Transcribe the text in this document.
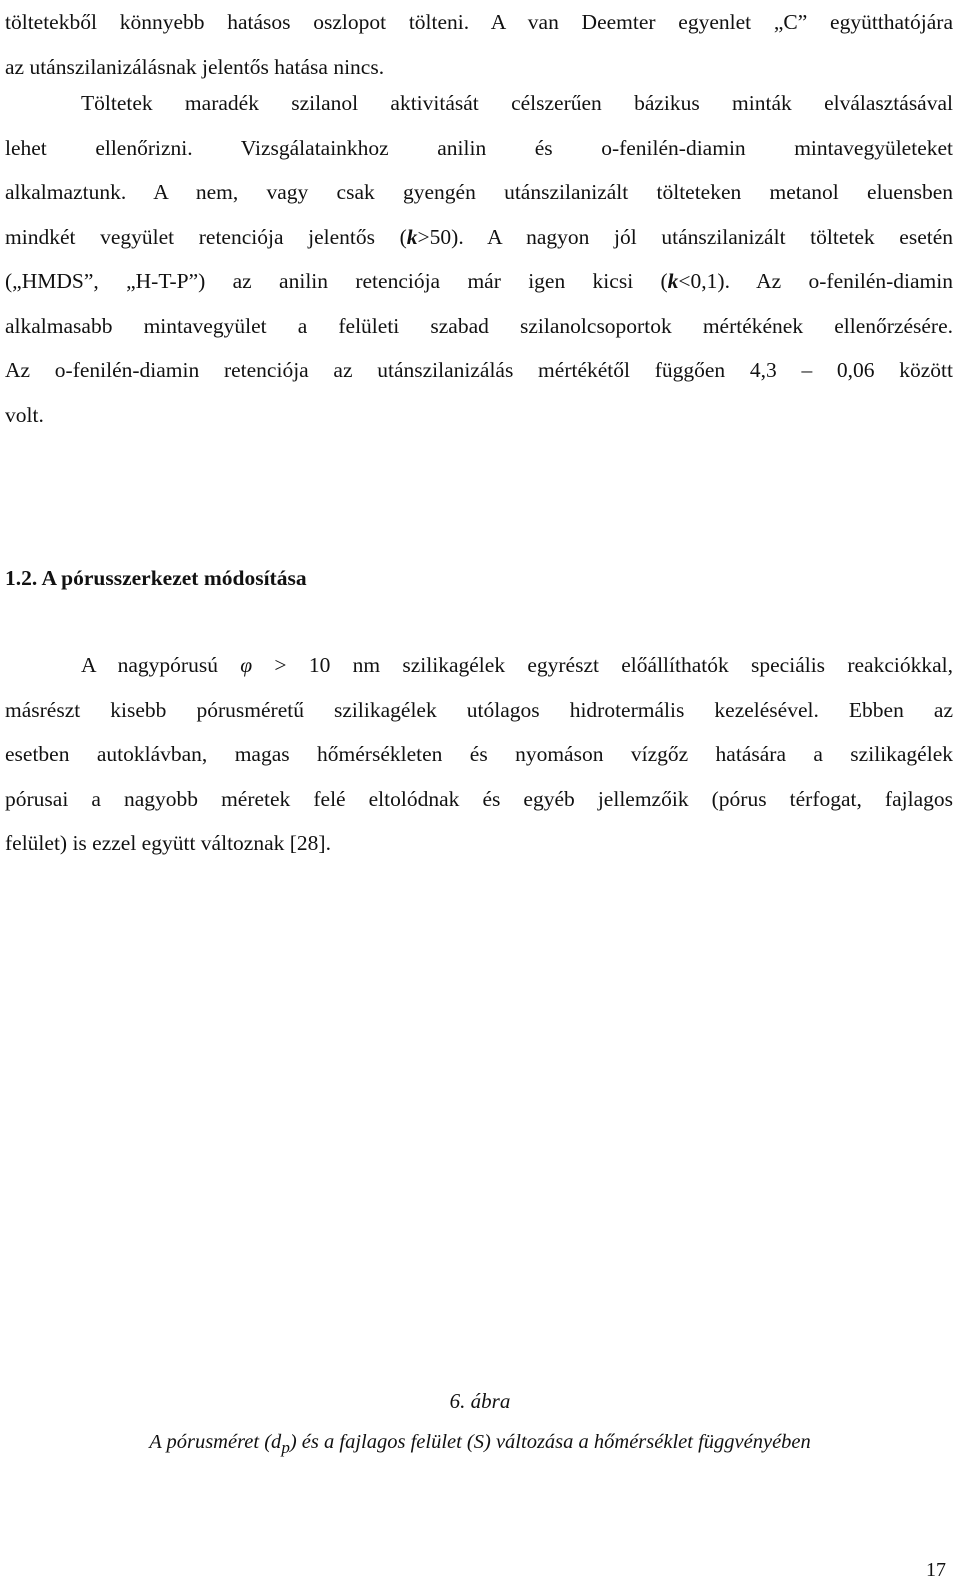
töltetekből könnyebb hatásos oszlopot tölteni. A van Deemter egyenlet „C” együtthatójára
az utánszilanizálásnak jelentős hatása nincs.
Töltetek maradék szilanol aktivitását célszerűen bázikus minták elválasztásával
lehet ellenőrizni. Vizsgálatainkhoz anilin és o-fenilén-diamin mintavegyületeket
alkalmaztunk. A nem, vagy csak gyengén utánszilanizált tölteteken metanol eluensben
mindkét vegyület retenciója jelentős (k>50). A nagyon jól utánszilanizált töltetek esetén
(„HMDS”, „H-T-P”) az anilin retenciója már igen kicsi (k<0,1). Az o-fenilén-diamin
alkalmasabb mintavegyület a felületi szabad szilanolcsoportok mértékének ellenőrzésére.
Az o-fenilén-diamin retenciója az utánszilanizálás mértékétől függően 4,3 – 0,06 között
volt.
1.2. A pórusszerkezet módosítása
A nagypórusú φ > 10 nm szilikagélek egyrészt előállíthatók speciális reakciókkal,
másrészt kisebb pórusméretű szilikagélek utólagos hidrotermális kezelésével. Ebben az
esetben autoklávban, magas hőmérsékleten és nyomáson vízgőz hatására a szilikagélek
pórusai a nagyobb méretek felé eltolódnak és egyéb jellemzőik (pórus térfogat, fajlagos
felület) is ezzel együtt változnak [28].
6. ábra
A pórusméret $(d_p)$ és a fajlagos felület (S) változása a hőmérséklet függvényében
17
